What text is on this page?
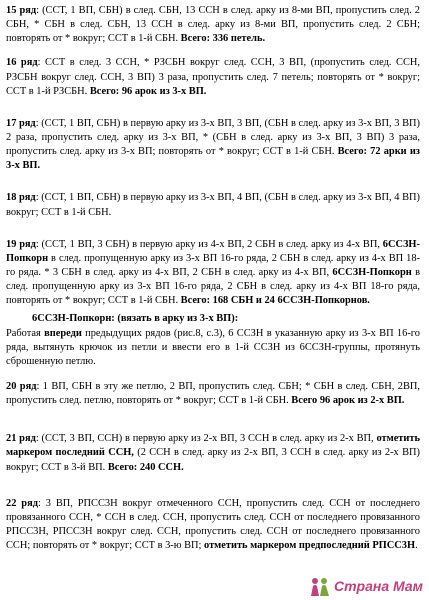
15 ряд: (ССТ, 1 ВП, СБН) в след. СБН, 13 ССН в след. арку из 8-ми ВП, пропустить след. 2 СБН, * СБН в след. СБН, 13 ССН в след. арку из 8-ми ВП, пропустить след. 2 СБН; повторять от * вокруг; ССТ в 1-й СБН. Всего: 336 петель.

16 ряд: ССТ в след. 3 ССН, * РЗСБН вокруг след. ССН, 3 ВП, (пропустить след. ССН, РЗСБН вокруг след. ССН, 3 ВП) 3 раза, пропустить след. 7 петель; повторять от * вокруг; ССТ в 1-й РЗСБН. Всего: 96 арок из 3-х ВП.

17 ряд: (ССТ, 1 ВП, СБН) в первую арку из 3-х ВП, 3 ВП, (СБН в след. арку из 3-х ВП, 3 ВП) 2 раза, пропустить след. арку из 3-х ВП, * (СБН в след. арку из 3-х ВП, 3 ВП) 3 раза, пропустить след. арку из 3-х ВП; повторять от * вокруг; ССТ в 1-й СБН. Всего: 72 арки из 3-х ВП.

18 ряд: (ССТ, 1 ВП, СБН) в первую арку из 3-х ВП, 4 ВП, (СБН в след. арку из 3-х ВП, 4 ВП) вокруг; ССТ в 1-й СБН.

19 ряд: (ССТ, 1 ВП, 3 СБН) в первую арку из 4-х ВП, 2 СБН в след. арку из 4-х ВП, 6ССЗН-Попкорн в след. пропущенную арку из 3-х ВП 16-го ряда, 2 СБН в след. арку из 4-х ВП 18-го ряда. * 3 СБН в след. арку из 4-х ВП, 2 СБН в след. арку из 4-х ВП, 6ССЗН-Попкорн в след. пропущенную арку из 3-х ВП 16-го ряда, 2 СБН в след. арку из 4-х ВП 18-го ряда, повторять от * вокруг; ССТ в 1-й СБН. Всего: 168 СБН и 24 6ССЗН-Попкорнов.

6ССЗН-Попкорн: (вязать в арку из 3-х ВП):
Работая впереди предыдущих рядов (рис.8, с.3), 6 ССЗН в указанную арку из 3-х ВП 16-го ряда, вытянуть крючок из петли и ввести его в 1-й ССЗН из 6ССЗН-группы, протянуть сброшенную петлю.

20 ряд: 1 ВП, СБН в эту же петлю, 2 ВП, пропустить след. СБН; * СБН в след. СБН, 2ВП, пропустить след. петлю, повторять от * вокруг; ССТ в 1-й СБН. Всего 96 арок из 2-х ВП.

21 ряд: (ССТ, 3 ВП, ССН) в первую арку из 2-х ВП, 3 ССН в след. арку из 2-х ВП, отметить маркером последний ССН, (2 ССН в след. арку из 2-х ВП, 3 ССН в след. арку из 2-х ВП) вокруг; ССТ в 3-й ВП. Всего: 240 ССН.

22 ряд: 3 ВП, РПСС3Н вокруг отмеченного ССН, пропустить след. ССН от последнего провязанного ССН, * ССН в след. ССН, пропустить след. ССН от последнего провязанного РПСС3Н, РПСС3Н вокруг след. ССН, пропустить след. ССН от последнего провязанного ССН; повторять от * вокруг; ССТ в 3-ю ВП; отметить маркером предпоследний РПСС3Н.

Страна Мам
